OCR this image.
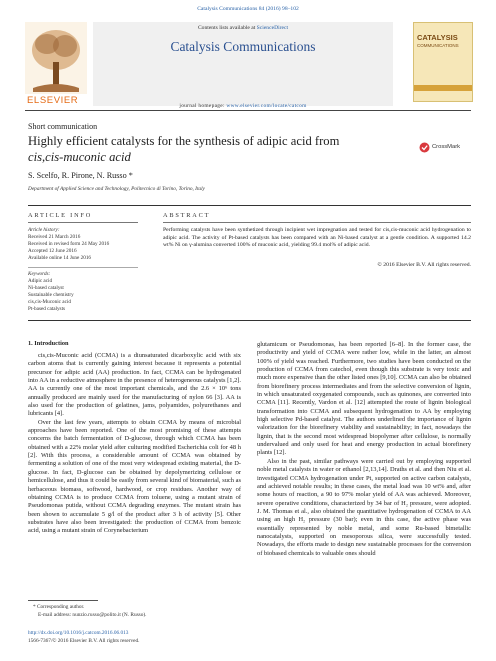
Catalysis Communications 84 (2016) 98–102
ELSEVIER
Contents lists available at ScienceDirect
Catalysis Communications
journal homepage: www.elsevier.com/locate/catcom
CATALYSIS
COMMUNICATIONS
Short communication
Highly efficient catalysts for the synthesis of adipic acid from
cis,cis-muconic acid
CrossMark
S. Scelfo, R. Pirone, N. Russo *
Department of Applied Science and Technology, Politecnico di Torino, Torino, Italy
ARTICLE INFO	ABSTRACT
Article history:
Received 21 March 2016
Received in revised form 24 May 2016
Accepted 12 June 2016
Available online 14 June 2016
Keywords:
Adipic acid
Ni-based catalyst
Sustainable chemistry
cis,cis-Muconic acid
Pt-based catalysts
Performing catalysts have been synthetized through incipient wet impregnation and tested for cis,cis-muconic acid hydrogenation to adipic acid. The activity of Pt-based catalysts has been compared with an Ni-based catalyst at a gentle condition. A supported 14.2 wt% Ni on γ-alumina converted 100% of muconic acid, yielding 99.4 mol% of adipic acid.
© 2016 Elsevier B.V. All rights reserved.
1. Introduction

cis,cis-Muconic acid (CCMA) is a diunsaturated dicarboxylic acid with six carbon atoms that is currently gaining interest because it represents a potential precursor for adipic acid (AA) production. In fact, CCMA can be hydrogenated into AA in a reductive atmosphere in the presence of heterogeneous catalysts [1,2]. AA is currently one of the most important chemicals, and the 2.6 × 10⁶ tons annually produced are mainly used for the manufacturing of nylon 66 [3]. AA is also used for the production of gelatines, jams, polyamides, polyurethanes and lubricants [4].

Over the last few years, attempts to obtain CCMA by means of microbial approaches have been reported. One of the most promising of these attempts concerns the batch fermentation of D-glucose, through which CCMA has been obtained with a 22% molar yield after culturing modified Escherichia coli for 48 h [2]. With this process, a considerable amount of CCMA was obtained by fermenting a solution of one of the most very widespread existing material, the D-glucose. In fact, D-glucose can be obtained by depolymerizing cellulose or hemicellulose, and thus it could be easily from several kind of biomaterial, such as herbaceous biomass, softwood, hardwood, or crop residues. Another way of obtaining CCMA is to produce CCMA from toluene, using a mutant strain of Pseudomonas putida, without CCMA degrading enzymes. The mutant strain has been shown to accumulate 5 g/l of the product after 3 h of activity [5]. Other substrates have also been investigated: the production of CCMA from benzoic acid, using a mutant strain of Corynebacterium

glutamicum or Pseudomonas, has been reported [6–8]. In the former case, the productivity and yield of CCMA were rather low, while in the latter, an almost 100% of yield was reached. Furthermore, two studies have been conducted on the production of CCMA from catechol, even though this substrate is very toxic and much more expensive than the other listed ones [9,10]. CCMA can also be obtained from biorefinery process intermediates and from the selective conversion of lignin, in which unsaturated oxygenated compounds, such as quinones, are converted into CCMA [11]. Recently, Vardon et al. [12] attempted the route of lignin biological transformation into CCMA and subsequent hydrogenation to AA by employing high selective Pd-based catalyst. The authors underlined the importance of lignin valorization for the biorefinery viability and sustainability; in fact, nowadays the lignin, that is the second most widespread biopolymer after cellulose, is normally undervalued and only used for heat and energy production in actual biorefinery plants [12].

Also in the past, similar pathways were carried out by employing supported noble metal catalysts in water or ethanol [2,13,14]. Draths et al. and then Niu et al. investigated CCMA hydrogenation under Pt, supported on active carbon catalysts, and achieved notable results; in these cases, the metal load was 10 wt% and, after some hours of reaction, a 90 to 97% molar yield of AA was achieved. Moreover, severe operative conditions, characterized by 34 bar of H₂ pressure, were adopted. J. M. Thomas et al., also obtained the quantitative hydrogenation of CCMA to AA using an high H₂ pressure (30 bar); even in this case, the active phase was essentially represented by noble metal, and some Ru-based bimetallic nanocatalysts, supported on mesoporous silica, were successfully tested. Nowadays, the efforts made to design new sustainable processes for the conversion of biobased chemicals to valuable ones should

* Corresponding author.
E-mail address: nunzio.russo@polito.it (N. Russo).
http://dx.doi.org/10.1016/j.catcom.2016.06.013
1566-7367/© 2016 Elsevier B.V. All rights reserved.
